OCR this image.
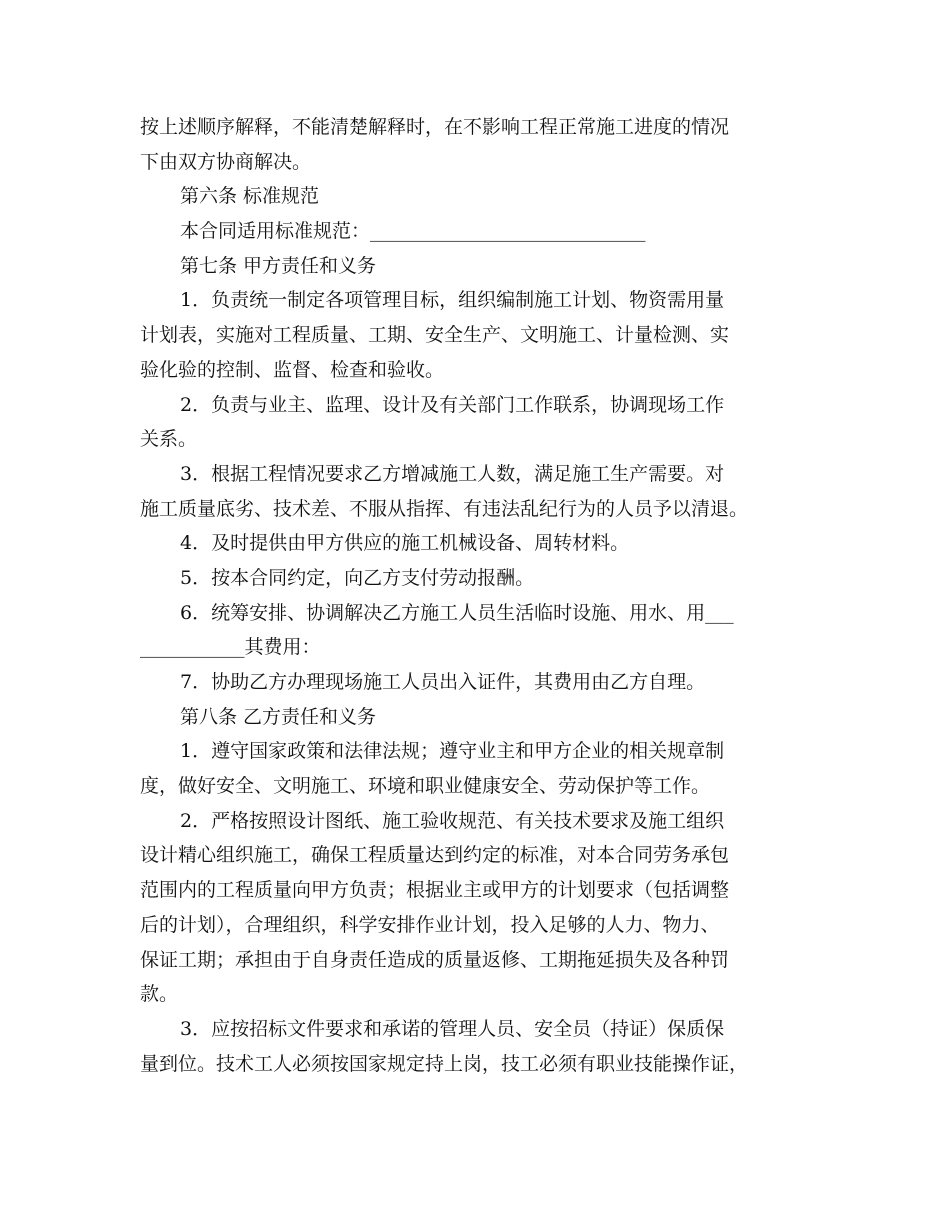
按上述顺序解释，不能清楚解释时，在不影响工程正常施工进度的情况
下由双方协商解决。
第六条 标准规范
本合同适用标准规范：_____________________________
第七条 甲方责任和义务
1．负责统一制定各项管理目标，组织编制施工计划、物资需用量
计划表，实施对工程质量、工期、安全生产、文明施工、计量检测、实
验化验的控制、监督、检查和验收。
2．负责与业主、监理、设计及有关部门工作联系，协调现场工作
关系。
3．根据工程情况要求乙方增减施工人数，满足施工生产需要。对
施工质量底劣、技术差、不服从指挥、有违法乱纪行为的人员予以清退。
4．及时提供由甲方供应的施工机械设备、周转材料。
5．按本合同约定，向乙方支付劳动报酬。
6．统筹安排、协调解决乙方施工人员生活临时设施、用水、用___
___________其费用：
7．协助乙方办理现场施工人员出入证件，其费用由乙方自理。
第八条 乙方责任和义务
1．遵守国家政策和法律法规；遵守业主和甲方企业的相关规章制
度，做好安全、文明施工、环境和职业健康安全、劳动保护等工作。
2．严格按照设计图纸、施工验收规范、有关技术要求及施工组织
设计精心组织施工，确保工程质量达到约定的标准，对本合同劳务承包
范围内的工程质量向甲方负责；根据业主或甲方的计划要求（包括调整
后的计划），合理组织，科学安排作业计划，投入足够的人力、物力、
保证工期；承担由于自身责任造成的质量返修、工期拖延损失及各种罚
款。
3．应按招标文件要求和承诺的管理人员、安全员（持证）保质保
量到位。技术工人必须按国家规定持上岗，技工必须有职业技能操作证，
